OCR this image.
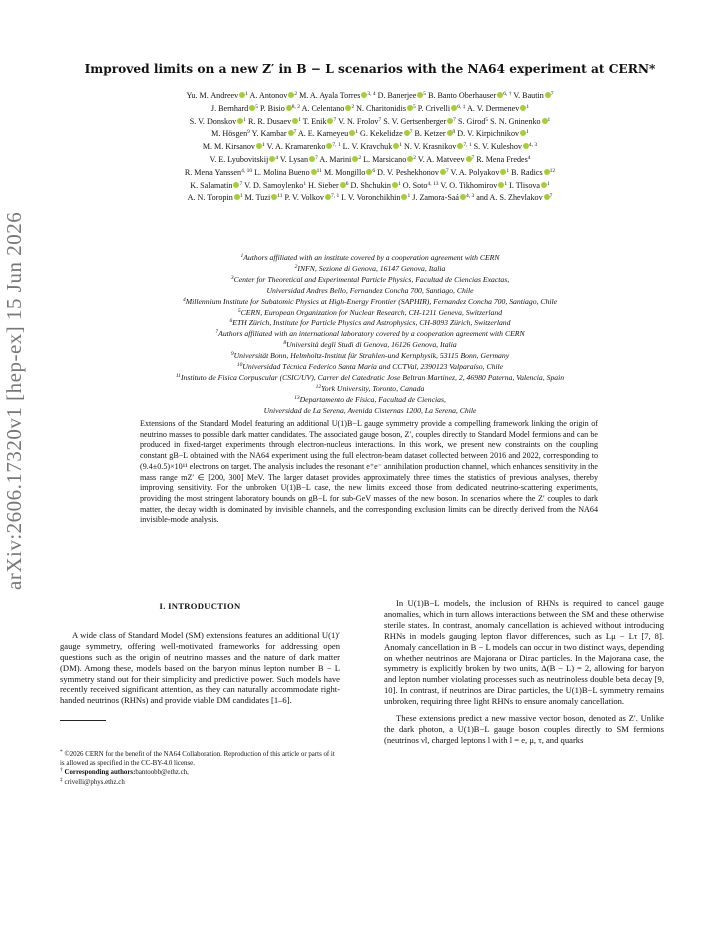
arXiv:2606.17320v1 [hep-ex] 15 Jun 2026
Improved limits on a new Z′ in B − L scenarios with the NA64 experiment at CERN*
Yu. M. Andreev $^1$ A. Antonov $^2$ M. A. Ayala Torres $^{3, 4}$ D. Banerjee $^5$ B. Banto Oberhauser $^{6, \dagger}$ V. Bautin $^7$
J. Bernhard $^5$ P. Bisio $^{8, 2}$ A. Celentano $^2$ N. Charitonidis $^5$ P. Crivelli $^{6, \ddagger}$ A. V. Dermenev $^1$
S. V. Donskov $^1$ R. R. Dusaev $^1$ T. Enik $^7$ V. N. Frolov$^7$ S. V. Gertsenberger $^7$ S. Girod$^5$ S. N. Gninenko $^1$
M. Hösgen$^9$ Y. Kambar $^7$ A. E. Karneyeu $^1$ G. Kekelidze $^7$ B. Ketzer $^9$ D. V. Kirpichnikov $^1$
M. M. Kirsanov $^1$ V. A. Kramarenko $^{7, 1}$ L. V. Kravchuk $^1$ N. V. Krasnikov $^{7, 1}$ S. V. Kuleshov $^{4, 3}$
V. E. Lyubovitskij $^4$ V. Lysan $^7$ A. Marini $^2$ L. Marsicano $^2$ V. A. Matveev $^7$ R. Mena Fredes$^4$
R. Mena Yanssen$^{4, 10}$ L. Molina Bueno $^{11}$ M. Mongillo $^6$ D. V. Peshekhonov $^7$ V. A. Polyakov $^1$ B. Radics $^{12}$
K. Salamatin $^7$ V. D. Samoylenko$^1$ H. Sieber $^6$ D. Shchukin $^1$ O. Soto$^{4, 13}$ V. O. Tikhomirov $^1$ I. Tlisova $^1$
A. N. Toropin $^1$ M. Tuzi $^{11}$ P. V. Volkov $^{7, 1}$ I. V. Voronchikhin $^1$ J. Zamora-Saá $^{4, 3}$ and A. S. Zhevlakov $^7$
$^1$Authors affiliated with an institute covered by a cooperation agreement with CERN
$^2$INFN, Sezione di Genova, 16147 Genova, Italia
$^3$Center for Theoretical and Experimental Particle Physics, Facultad de Ciencias Exactas,
Universidad Andres Bello, Fernandez Concha 700, Santiago, Chile
$^4$Millennium Institute for Subatomic Physics at High-Energy Frontier (SAPHIR), Fernandez Concha 700, Santiago, Chile
$^5$CERN, European Organization for Nuclear Research, CH-1211 Geneva, Switzerland
$^6$ETH Zürich, Institute for Particle Physics and Astrophysics, CH-8093 Zürich, Switzerland
$^7$Authors affiliated with an international laboratory covered by a cooperation agreement with CERN
$^8$Università degli Studi di Genova, 16126 Genova, Italia
$^9$Universität Bonn, Helmholtz-Institut für Strahlen-und Kernphysik, 53115 Bonn, Germany
$^{10}$Universidad Técnica Federico Santa María and CCTVal, 2390123 Valparaíso, Chile
$^{11}$Instituto de Fisica Corpuscular (CSIC/UV), Carrer del Catedratic Jose Beltran Martinez, 2, 46980 Paterna, Valencia, Spain
$^{12}$York University, Toronto, Canada
$^{13}$Departamento de Física, Facultad de Ciencias,
Universidad de La Serena, Avenida Cisternas 1200, La Serena, Chile
Extensions of the Standard Model featuring an additional U(1)B−L gauge symmetry provide a compelling framework linking the origin of neutrino masses to possible dark matter candidates. The associated gauge boson, Z′, couples directly to Standard Model fermions and can be produced in fixed-target experiments through electron-nucleus interactions. In this work, we present new constraints on the coupling constant gB−L obtained with the NA64 experiment using the full electron-beam dataset collected between 2016 and 2022, corresponding to (9.4±0.5)×10¹¹ electrons on target. The analysis includes the resonant e⁺e⁻ annihilation production channel, which enhances sensitivity in the mass range mZ′ ∈ [200, 300] MeV. The larger dataset provides approximately three times the statistics of previous analyses, thereby improving sensitivity. For the unbroken U(1)B−L case, the new limits exceed those from dedicated neutrino-scattering experiments, providing the most stringent laboratory bounds on gB−L for sub-GeV masses of the new boson. In scenarios where the Z′ couples to dark matter, the decay width is dominated by invisible channels, and the corresponding exclusion limits can be directly derived from the NA64 invisible-mode analysis.
I. INTRODUCTION

A wide class of Standard Model (SM) extensions features an additional U(1)′ gauge symmetry, offering well-motivated frameworks for addressing open questions such as the origin of neutrino masses and the nature of dark matter (DM). Among these, models based on the baryon minus lepton number B − L symmetry stand out for their simplicity and predictive power. Such models have recently received significant attention, as they can naturally accommodate right-handed neutrinos (RHNs) and provide viable DM candidates [1–6].

* ©2026 CERN for the benefit of the NA64 Collaboration. Reproduction of this article or parts of it is allowed as specified in the CC-BY-4.0 license.
† Corresponding authors:bantoobb@ethz.ch,
‡ crivelli@phys.ethz.ch

In U(1)B−L models, the inclusion of RHNs is required to cancel gauge anomalies, which in turn allows interactions between the SM and these otherwise sterile states. In contrast, anomaly cancellation is achieved without introducing RHNs in models gauging lepton flavor differences, such as Lμ − Lτ [7, 8]. Anomaly cancellation in B − L models can occur in two distinct ways, depending on whether neutrinos are Majorana or Dirac particles. In the Majorana case, the symmetry is explicitly broken by two units, Δ(B − L) = 2, allowing for baryon and lepton number violating processes such as neutrinoless double beta decay [9, 10]. In contrast, if neutrinos are Dirac particles, the U(1)B−L symmetry remains unbroken, requiring three light RHNs to ensure anomaly cancellation.

These extensions predict a new massive vector boson, denoted as Z′. Unlike the dark photon, a U(1)B−L gauge boson couples directly to SM fermions (neutrinos νl, charged leptons l with l = e, μ, τ, and quarks
